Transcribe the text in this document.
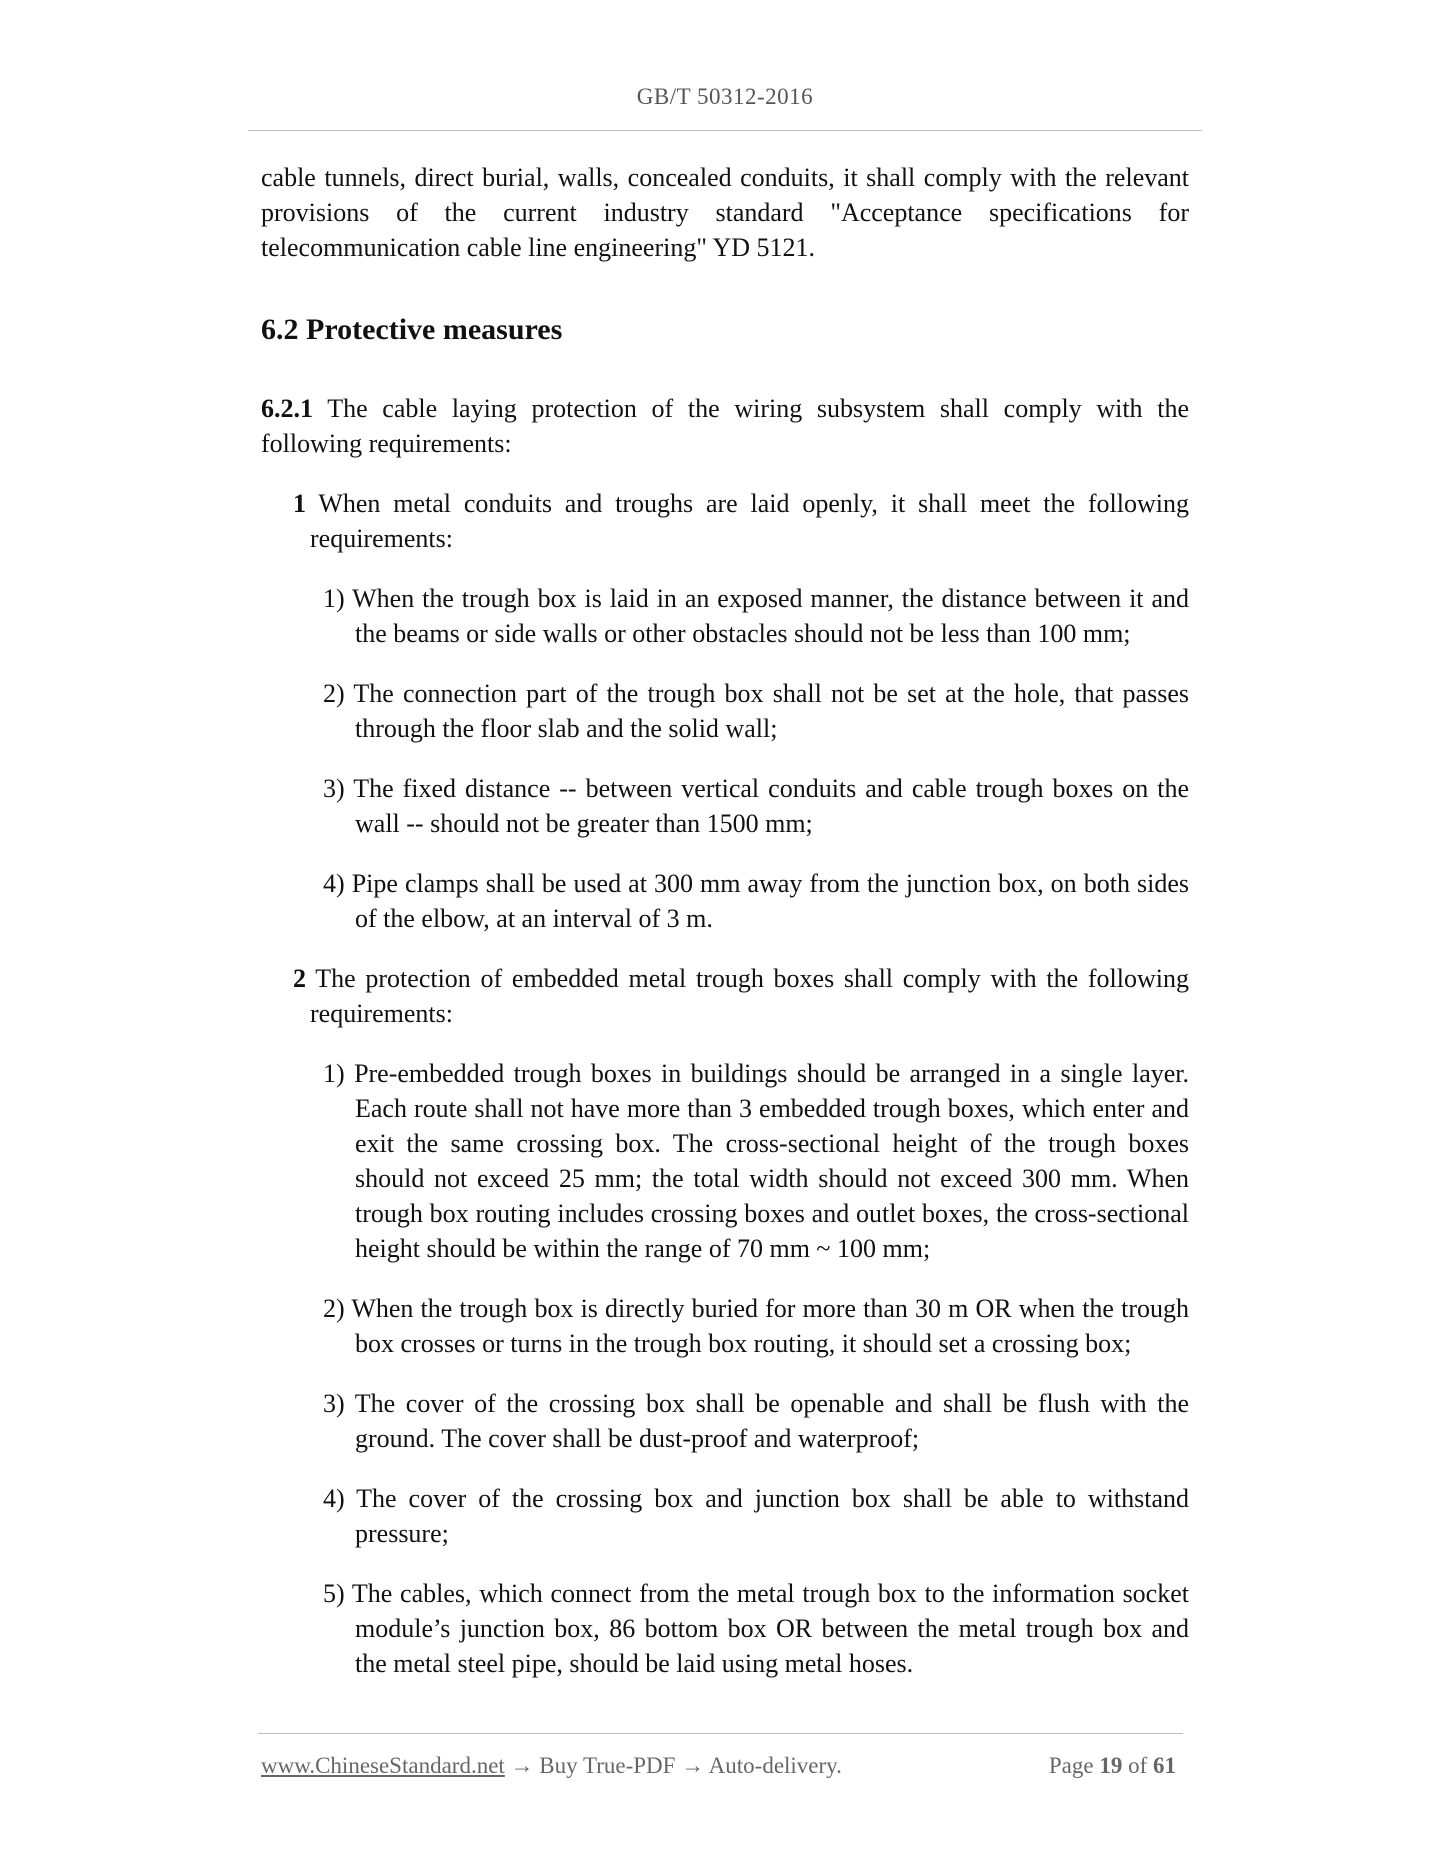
GB/T 50312-2016

cable tunnels, direct burial, walls, concealed conduits, it shall comply with the relevant provisions of the current industry standard "Acceptance specifications for telecommunication cable line engineering" YD 5121.

6.2 Protective measures

6.2.1 The cable laying protection of the wiring subsystem shall comply with the following requirements:

1 When metal conduits and troughs are laid openly, it shall meet the following requirements:

1) When the trough box is laid in an exposed manner, the distance between it and the beams or side walls or other obstacles should not be less than 100 mm;

2) The connection part of the trough box shall not be set at the hole, that passes through the floor slab and the solid wall;

3) The fixed distance -- between vertical conduits and cable trough boxes on the wall -- should not be greater than 1500 mm;

4) Pipe clamps shall be used at 300 mm away from the junction box, on both sides of the elbow, at an interval of 3 m.

2 The protection of embedded metal trough boxes shall comply with the following requirements:

1) Pre-embedded trough boxes in buildings should be arranged in a single layer. Each route shall not have more than 3 embedded trough boxes, which enter and exit the same crossing box. The cross-sectional height of the trough boxes should not exceed 25 mm; the total width should not exceed 300 mm. When trough box routing includes crossing boxes and outlet boxes, the cross-sectional height should be within the range of 70 mm ~ 100 mm;

2) When the trough box is directly buried for more than 30 m OR when the trough box crosses or turns in the trough box routing, it should set a crossing box;

3) The cover of the crossing box shall be openable and shall be flush with the ground. The cover shall be dust-proof and waterproof;

4) The cover of the crossing box and junction box shall be able to withstand pressure;

5) The cables, which connect from the metal trough box to the information socket module’s junction box, 86 bottom box OR between the metal trough box and the metal steel pipe, should be laid using metal hoses.

www.ChineseStandard.net → Buy True-PDF → Auto-delivery.	Page 19 of 61
